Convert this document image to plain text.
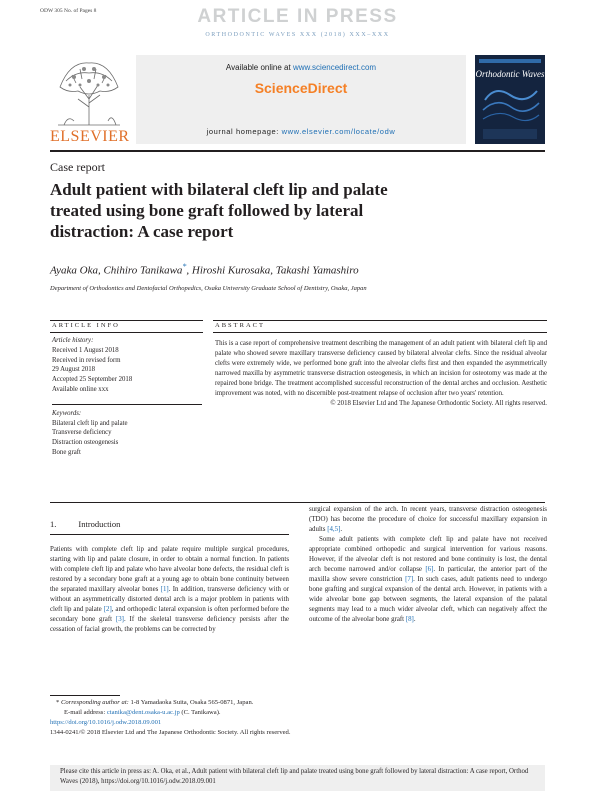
ODW 305 No. of Pages 8	ARTICLE IN PRESS
ORTHODONTIC WAVES XXX (2018) XXX–XXX
ELSEVIER
Available online at www.sciencedirect.com
ScienceDirect
journal homepage: www.elsevier.com/locate/odw
Orthodontic Waves
Case report
Adult patient with bilateral cleft lip and palate
treated using bone graft followed by lateral
distraction: A case report
Ayaka Oka, Chihiro Tanikawa*, Hiroshi Kurosaka, Takashi Yamashiro
Department of Orthodontics and Dentofacial Orthopedics, Osaka University Graduate School of Dentistry, Osaka, Japan
ARTICLE INFO	ABSTRACT
Article history:
Received 1 August 2018
Received in revised form
29 August 2018
Accepted 25 September 2018
Available online xxx
Keywords:
Bilateral cleft lip and palate
Transverse deficiency
Distraction osteogenesis
Bone graft
This is a case report of comprehensive treatment describing the management of an adult patient with bilateral cleft lip and palate who showed severe maxillary transverse deficiency caused by bilateral alveolar clefts. Since the residual alveolar clefts were extremely wide, we performed bone graft into the alveolar clefts first and then expanded the asymmetrically narrowed maxilla by asymmetric transverse distraction osteogenesis, in which an incision for osteotomy was made at the repaired bone bridge. The treatment accomplished successful reconstruction of the dental arches and occlusion. Aesthetic improvement was noted, with no discernible post-treatment relapse of occlusion after two years' retention.
© 2018 Elsevier Ltd and The Japanese Orthodontic Society. All rights reserved.
1.	Introduction

Patients with complete cleft lip and palate require multiple surgical procedures, starting with lip and palate closure, in order to obtain a normal function. In patients with complete cleft lip and palate who have alveolar bone defects, the residual cleft is restored by a secondary bone graft at a young age to obtain bone continuity between the separated maxillary alveolar bones [1]. In addition, transverse deficiency with or without an asymmetrically distorted dental arch is a major problem in patients with cleft lip and palate [2], and orthopedic lateral expansion is often performed before the secondary bone graft [3]. If the skeletal transverse deficiency persists after the cessation of facial growth, the problems can be corrected by

surgical expansion of the arch. In recent years, transverse distraction osteogenesis (TDO) has become the procedure of choice for successful maxillary expansion in adults [4,5].

Some adult patients with complete cleft lip and palate have not received appropriate combined orthopedic and surgical intervention for various reasons. However, if the alveolar cleft is not restored and bone continuity is lost, the dental arch become narrowed and/or collapse [6]. In particular, the anterior part of the maxilla show severe constriction [7]. In such cases, adult patients need to undergo bone grafting and surgical expansion of the dental arch. However, in patients with a wide alveolar bone gap between segments, the lateral expansion of the palatal segments may lead to a much wider alveolar cleft, which can negatively affect the outcome of the alveolar bone graft [8].

* Corresponding author at: 1-8 Yamadaoka Suita, Osaka 565-0871, Japan.
E-mail address: ctanika@dent.osaka-u.ac.jp (C. Tanikawa).
https://doi.org/10.1016/j.odw.2018.09.001
1344-0241/© 2018 Elsevier Ltd and The Japanese Orthodontic Society. All rights reserved.
Please cite this article in press as: A. Oka, et al., Adult patient with bilateral cleft lip and palate treated using bone graft followed by lateral distraction: A case report, Orthod Waves (2018), https://doi.org/10.1016/j.odw.2018.09.001
